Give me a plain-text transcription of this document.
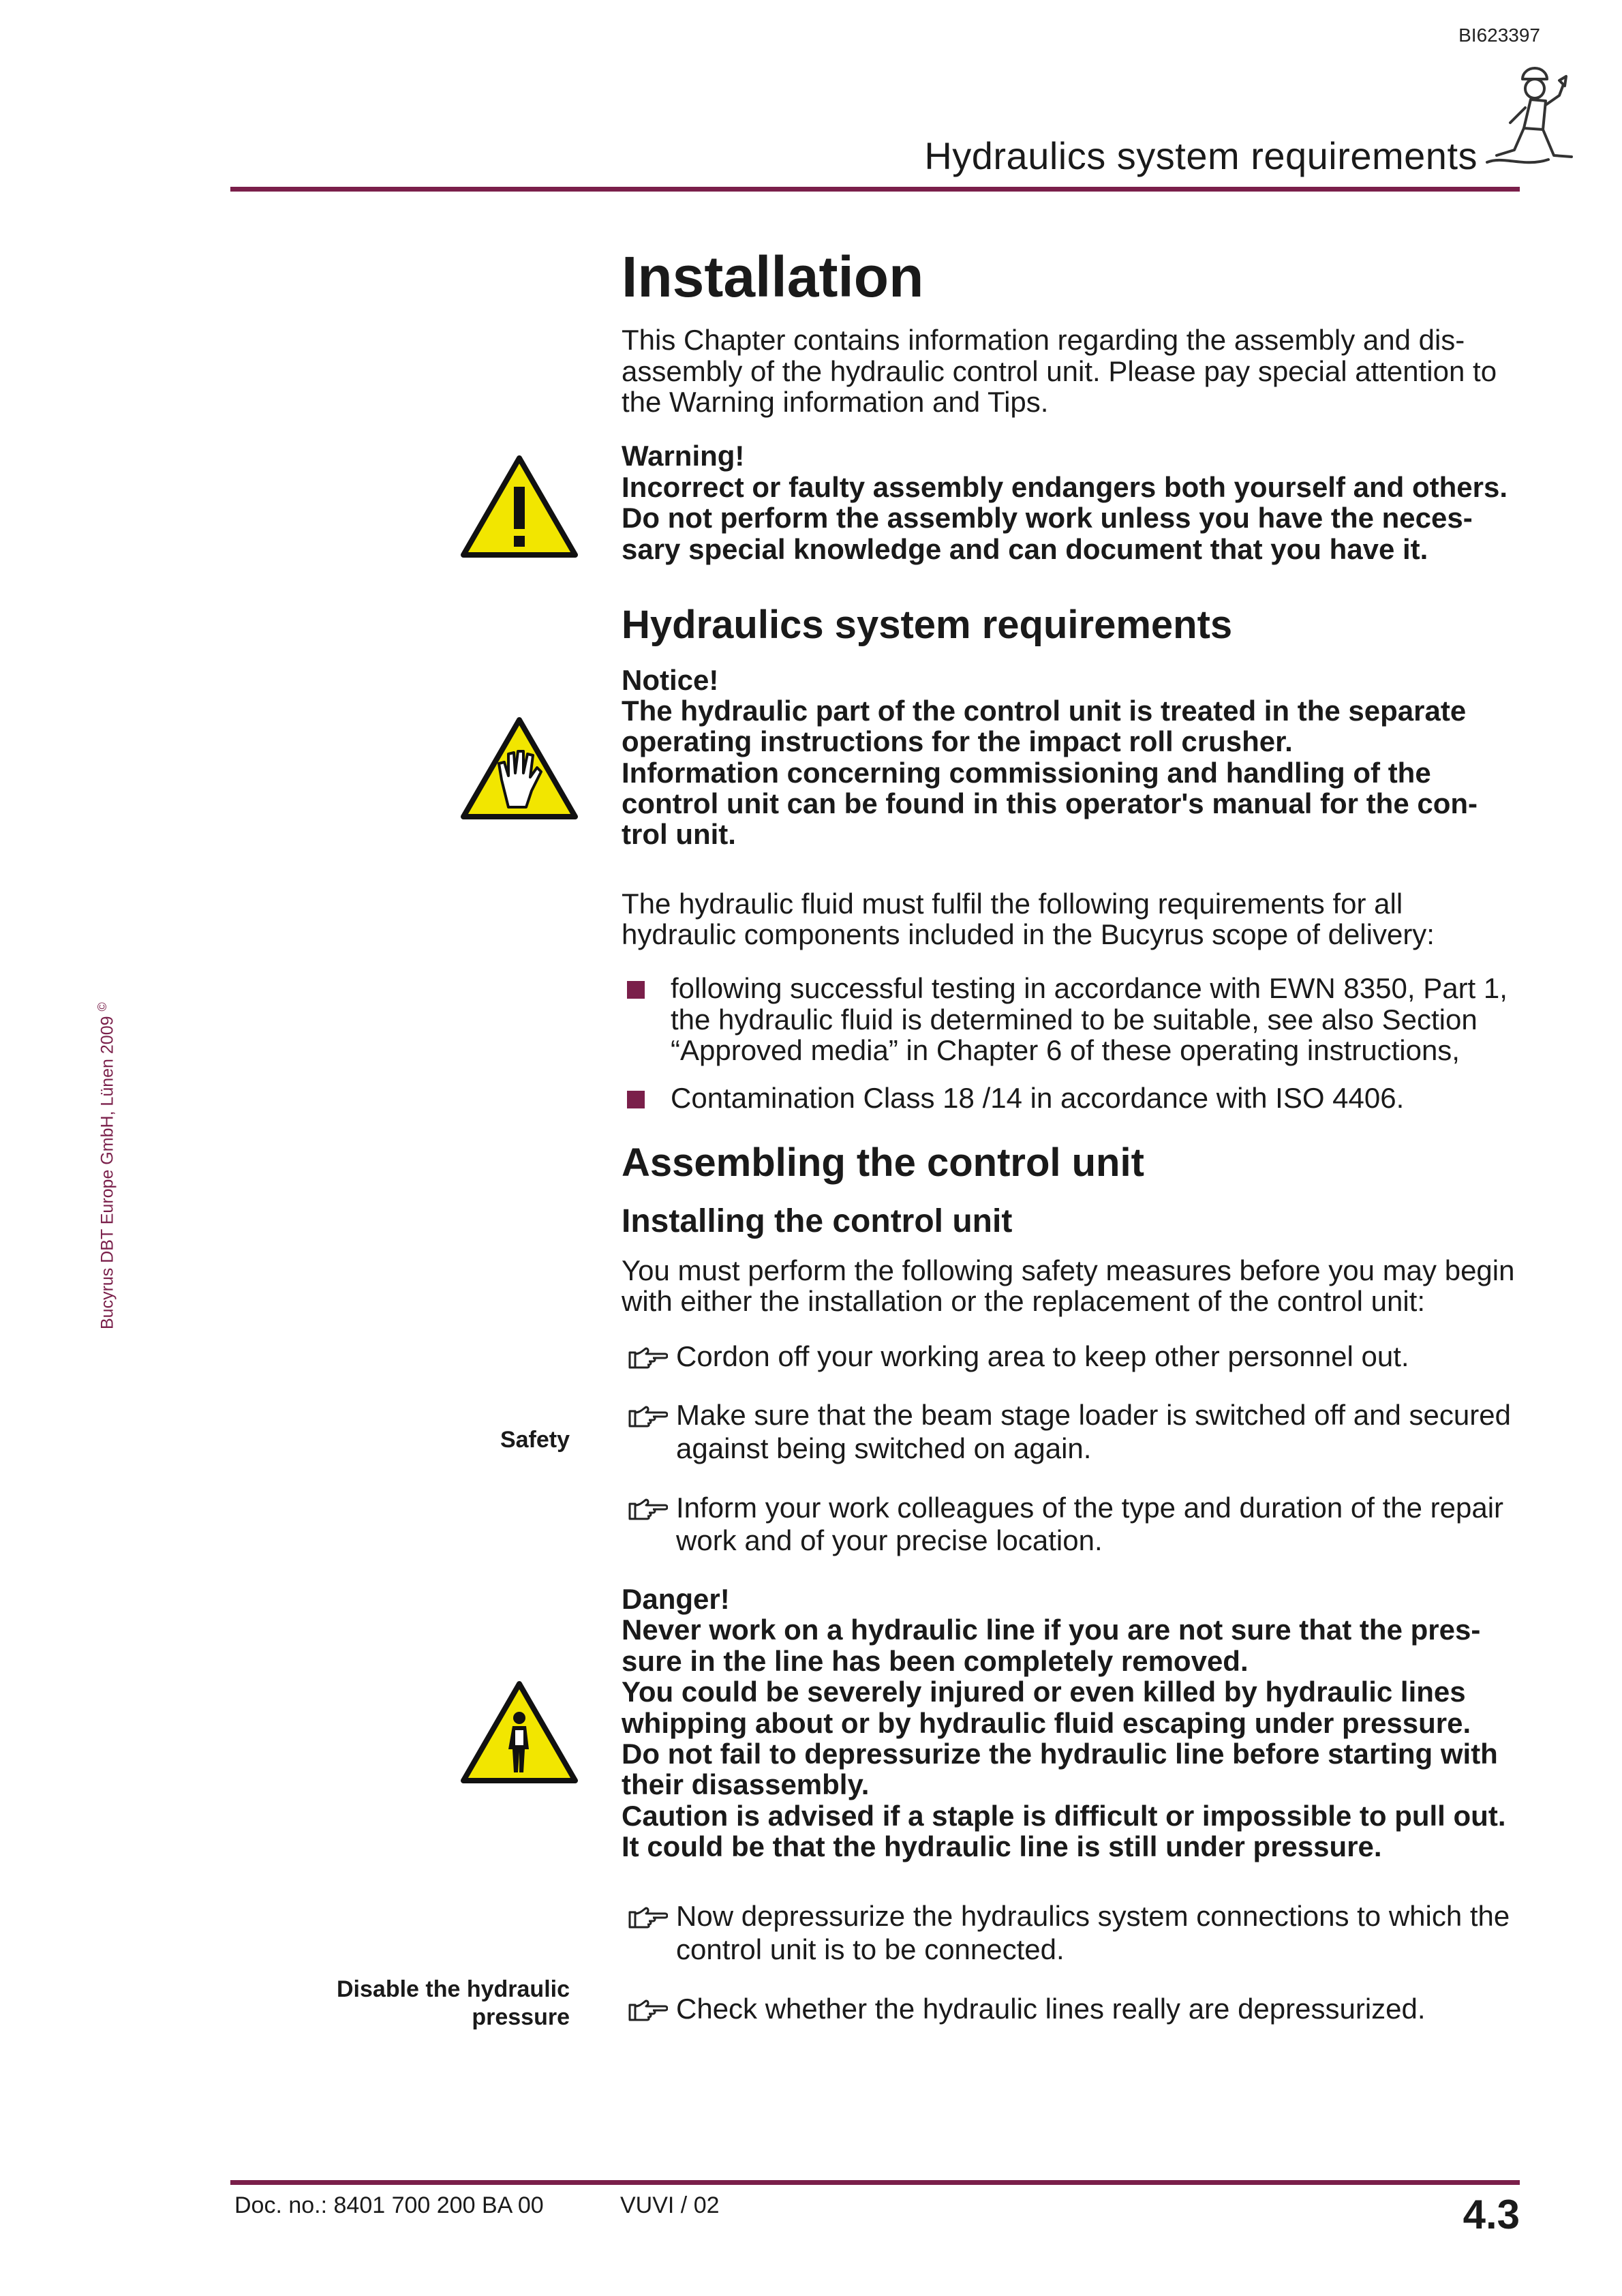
BI623397
Hydraulics system requirements
Bucyrus DBT Europe GmbH, Lünen 2009 ©
Safety
Disable the hydraulic pressure
Installation
This Chapter contains information regarding the assembly and dis-assembly of the hydraulic control unit. Please pay special attention to the Warning information and Tips.
Warning!
Incorrect or faulty assembly endangers both yourself and others.
Do not perform the assembly work unless you have the neces-sary special knowledge and can document that you have it.
Hydraulics system requirements
Notice!
The hydraulic part of the control unit is treated in the separate operating instructions for the impact roll crusher.
Information concerning commissioning and handling of the control unit can be found in this operator's manual for the con-trol unit.
The hydraulic fluid must fulfil the following requirements for all hydraulic components included in the Bucyrus scope of delivery:
following successful testing in accordance with EWN 8350, Part 1, the hydraulic fluid is determined to be suitable, see also Section “Approved media” in Chapter 6 of these operating instructions,
Contamination Class 18 /14 in accordance with ISO 4406.
Assembling the control unit
Installing the control unit
You must perform the following safety measures before you may begin with either the installation or the replacement of the control unit:
Cordon off your working area to keep other personnel out.
Make sure that the beam stage loader is switched off and secured against being switched on again.
Inform your work colleagues of the type and duration of the repair work and of your precise location.
Danger!
Never work on a hydraulic line if you are not sure that the pres-sure in the line has been completely removed.
You could be severely injured or even killed by hydraulic lines whipping about or by hydraulic fluid escaping under pressure.
Do not fail to depressurize the hydraulic line before starting with their disassembly.
Caution is advised if a staple is difficult or impossible to pull out. It could be that the hydraulic line is still under pressure.
Now depressurize the hydraulics system connections to which the control unit is to be connected.
Check whether the hydraulic lines really are depressurized.
Doc. no.: 8401 700 200 BA 00	VUVI / 02	4.3
